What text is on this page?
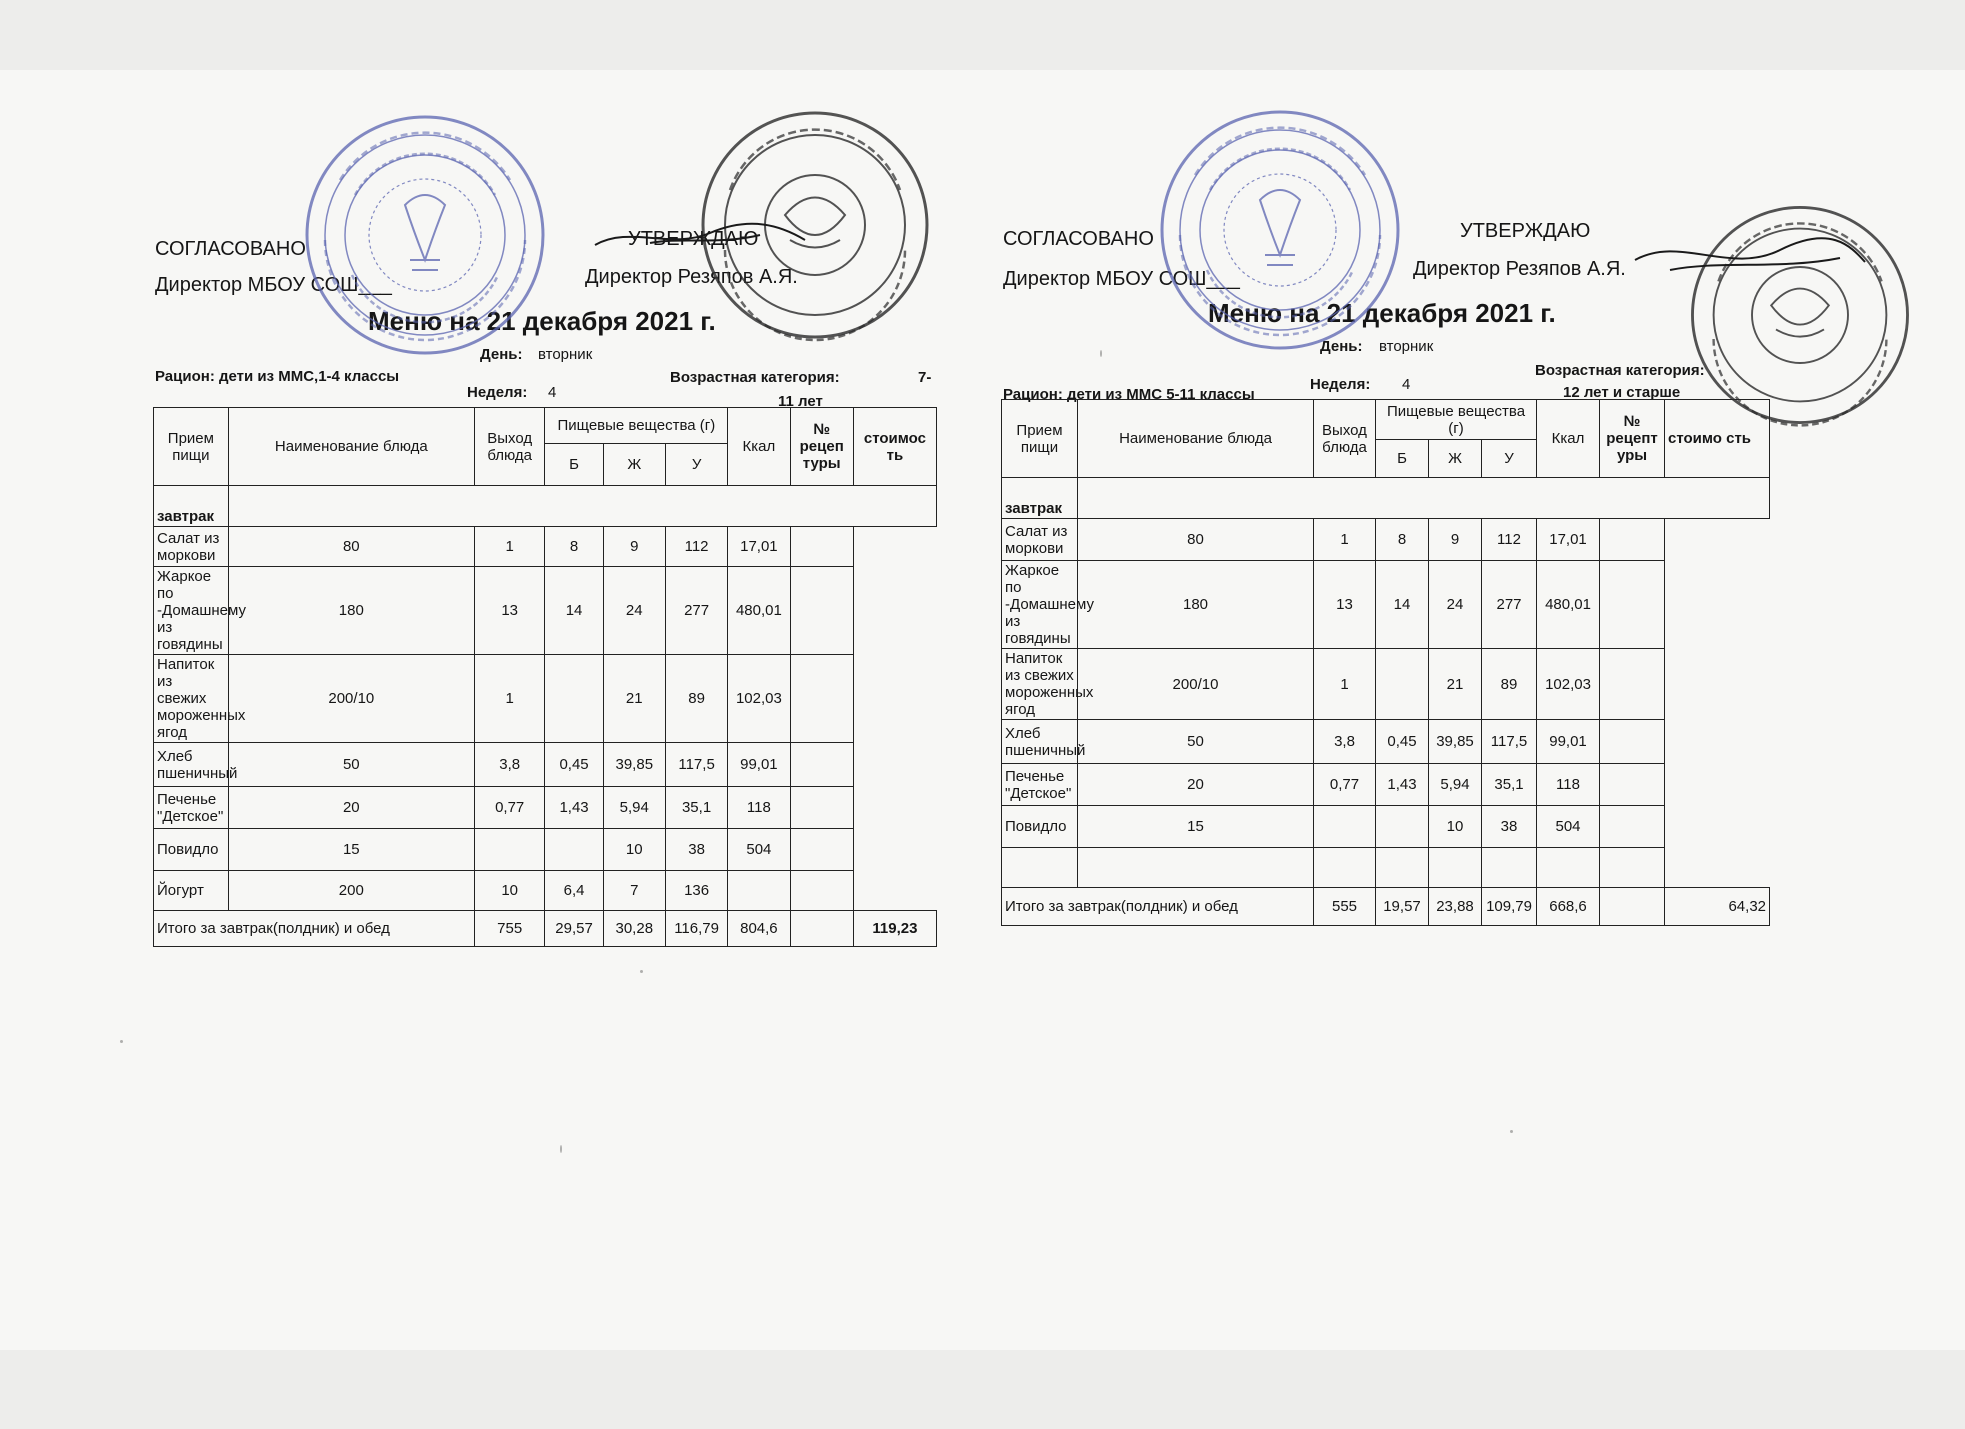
СОГЛАСОВАНО
Директор МБОУ СОШ___
УТВЕРЖДАЮ
Директор Резяпов А.Я.
Меню на 21 декабря 2021 г.
День: вторник
Рацион: дети из ММС,1-4 классы
Неделя: 4
Возрастная категория:	7-
11 лет
Прием пищи	Наименование блюда	Выход блюда	Пищевые вещества (г)			Ккал	№ рецеп туры	стоимос ть
			Б	Ж	У			
завтрак								
Салат из моркови	80	1	8	9	112	17,01		
Жаркое по -Домашнему из говядины	180	13	14	24	277	480,01		
Напиток из свежих мороженных ягод	200/10	1		21	89	102,03		
Хлеб пшеничный	50	3,8	0,45	39,85	117,5	99,01		
Печенье "Детское"	20	0,77	1,43	5,94	35,1	118		
Повидло	15			10	38	504		
Йогурт	200	10	6,4	7	136			
Итого за завтрак(полдник) и обед		755	29,57	30,28	116,79	804,6		119,23
СОГЛАСОВАНО
Директор МБОУ СОШ___
УТВЕРЖДАЮ
Директор Резяпов А.Я.
Меню на 21 декабря 2021 г.
День: вторник
Рацион: дети из ММС 5-11 классы
Неделя: 4
Возрастная категория:
12 лет и старше
Прием пищи	Наименование блюда	Выход блюда	Пищевые вещества (г)			Ккал	№ рецепт уры	стоимо сть
			Б	Ж	У			
завтрак								
Салат из моркови	80	1	8	9	112	17,01		
Жаркое по -Домашнему из говядины	180	13	14	24	277	480,01		
Напиток из свежих мороженных ягод	200/10	1		21	89	102,03		
Хлеб пшеничный	50	3,8	0,45	39,85	117,5	99,01		
Печенье "Детское"	20	0,77	1,43	5,94	35,1	118		
Повидло	15			10	38	504		

Итого за завтрак(полдник) и обед		555	19,57	23,88	109,79	668,6		64,32
